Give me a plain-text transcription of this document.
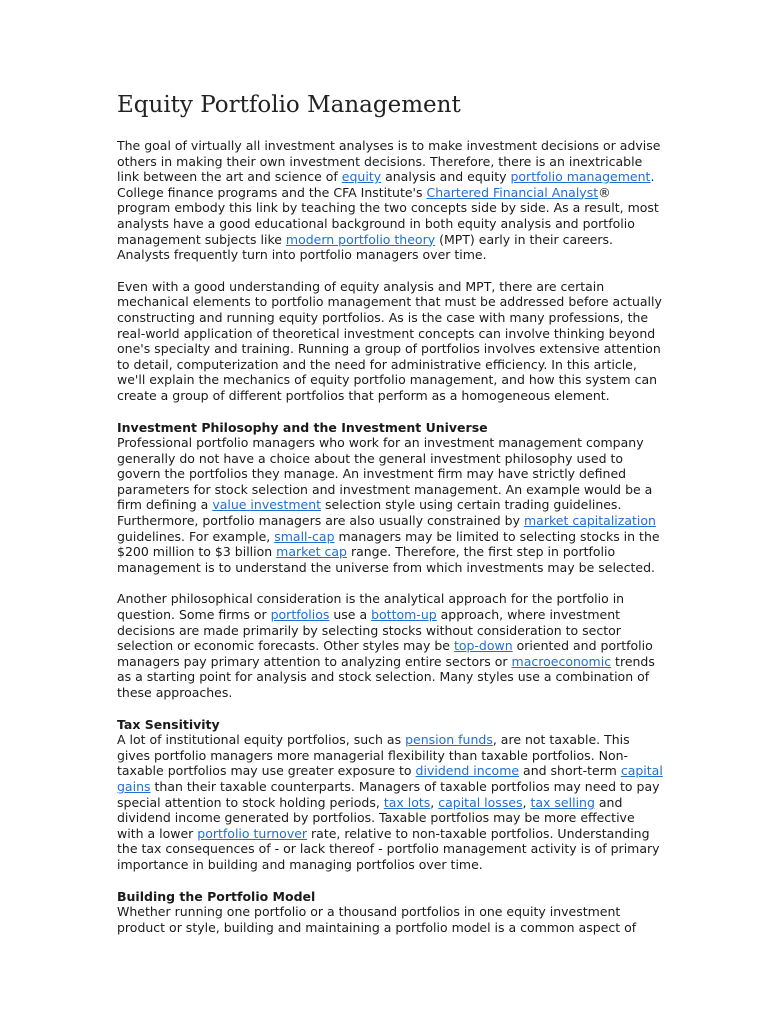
Equity Portfolio Management

The goal of virtually all investment analyses is to make investment decisions or advise others in making their own investment decisions. Therefore, there is an inextricable link between the art and science of equity analysis and equity portfolio management. College finance programs and the CFA Institute's Chartered Financial Analyst® program embody this link by teaching the two concepts side by side. As a result, most analysts have a good educational background in both equity analysis and portfolio management subjects like modern portfolio theory (MPT) early in their careers. Analysts frequently turn into portfolio managers over time.

Even with a good understanding of equity analysis and MPT, there are certain mechanical elements to portfolio management that must be addressed before actually constructing and running equity portfolios. As is the case with many professions, the real-world application of theoretical investment concepts can involve thinking beyond one's specialty and training. Running a group of portfolios involves extensive attention to detail, computerization and the need for administrative efficiency. In this article, we'll explain the mechanics of equity portfolio management, and how this system can create a group of different portfolios that perform as a homogeneous element.

Investment Philosophy and the Investment Universe

Professional portfolio managers who work for an investment management company generally do not have a choice about the general investment philosophy used to govern the portfolios they manage. An investment firm may have strictly defined parameters for stock selection and investment management. An example would be a firm defining a value investment selection style using certain trading guidelines. Furthermore, portfolio managers are also usually constrained by market capitalization guidelines. For example, small-cap managers may be limited to selecting stocks in the $200 million to $3 billion market cap range. Therefore, the first step in portfolio management is to understand the universe from which investments may be selected.

Another philosophical consideration is the analytical approach for the portfolio in question. Some firms or portfolios use a bottom-up approach, where investment decisions are made primarily by selecting stocks without consideration to sector selection or economic forecasts. Other styles may be top-down oriented and portfolio managers pay primary attention to analyzing entire sectors or macroeconomic trends as a starting point for analysis and stock selection. Many styles use a combination of these approaches.

Tax Sensitivity

A lot of institutional equity portfolios, such as pension funds, are not taxable. This gives portfolio managers more managerial flexibility than taxable portfolios. Non-taxable portfolios may use greater exposure to dividend income and short-term capital gains than their taxable counterparts. Managers of taxable portfolios may need to pay special attention to stock holding periods, tax lots, capital losses, tax selling and dividend income generated by portfolios. Taxable portfolios may be more effective with a lower portfolio turnover rate, relative to non-taxable portfolios. Understanding the tax consequences of - or lack thereof - portfolio management activity is of primary importance in building and managing portfolios over time.

Building the Portfolio Model

Whether running one portfolio or a thousand portfolios in one equity investment product or style, building and maintaining a portfolio model is a common aspect of
